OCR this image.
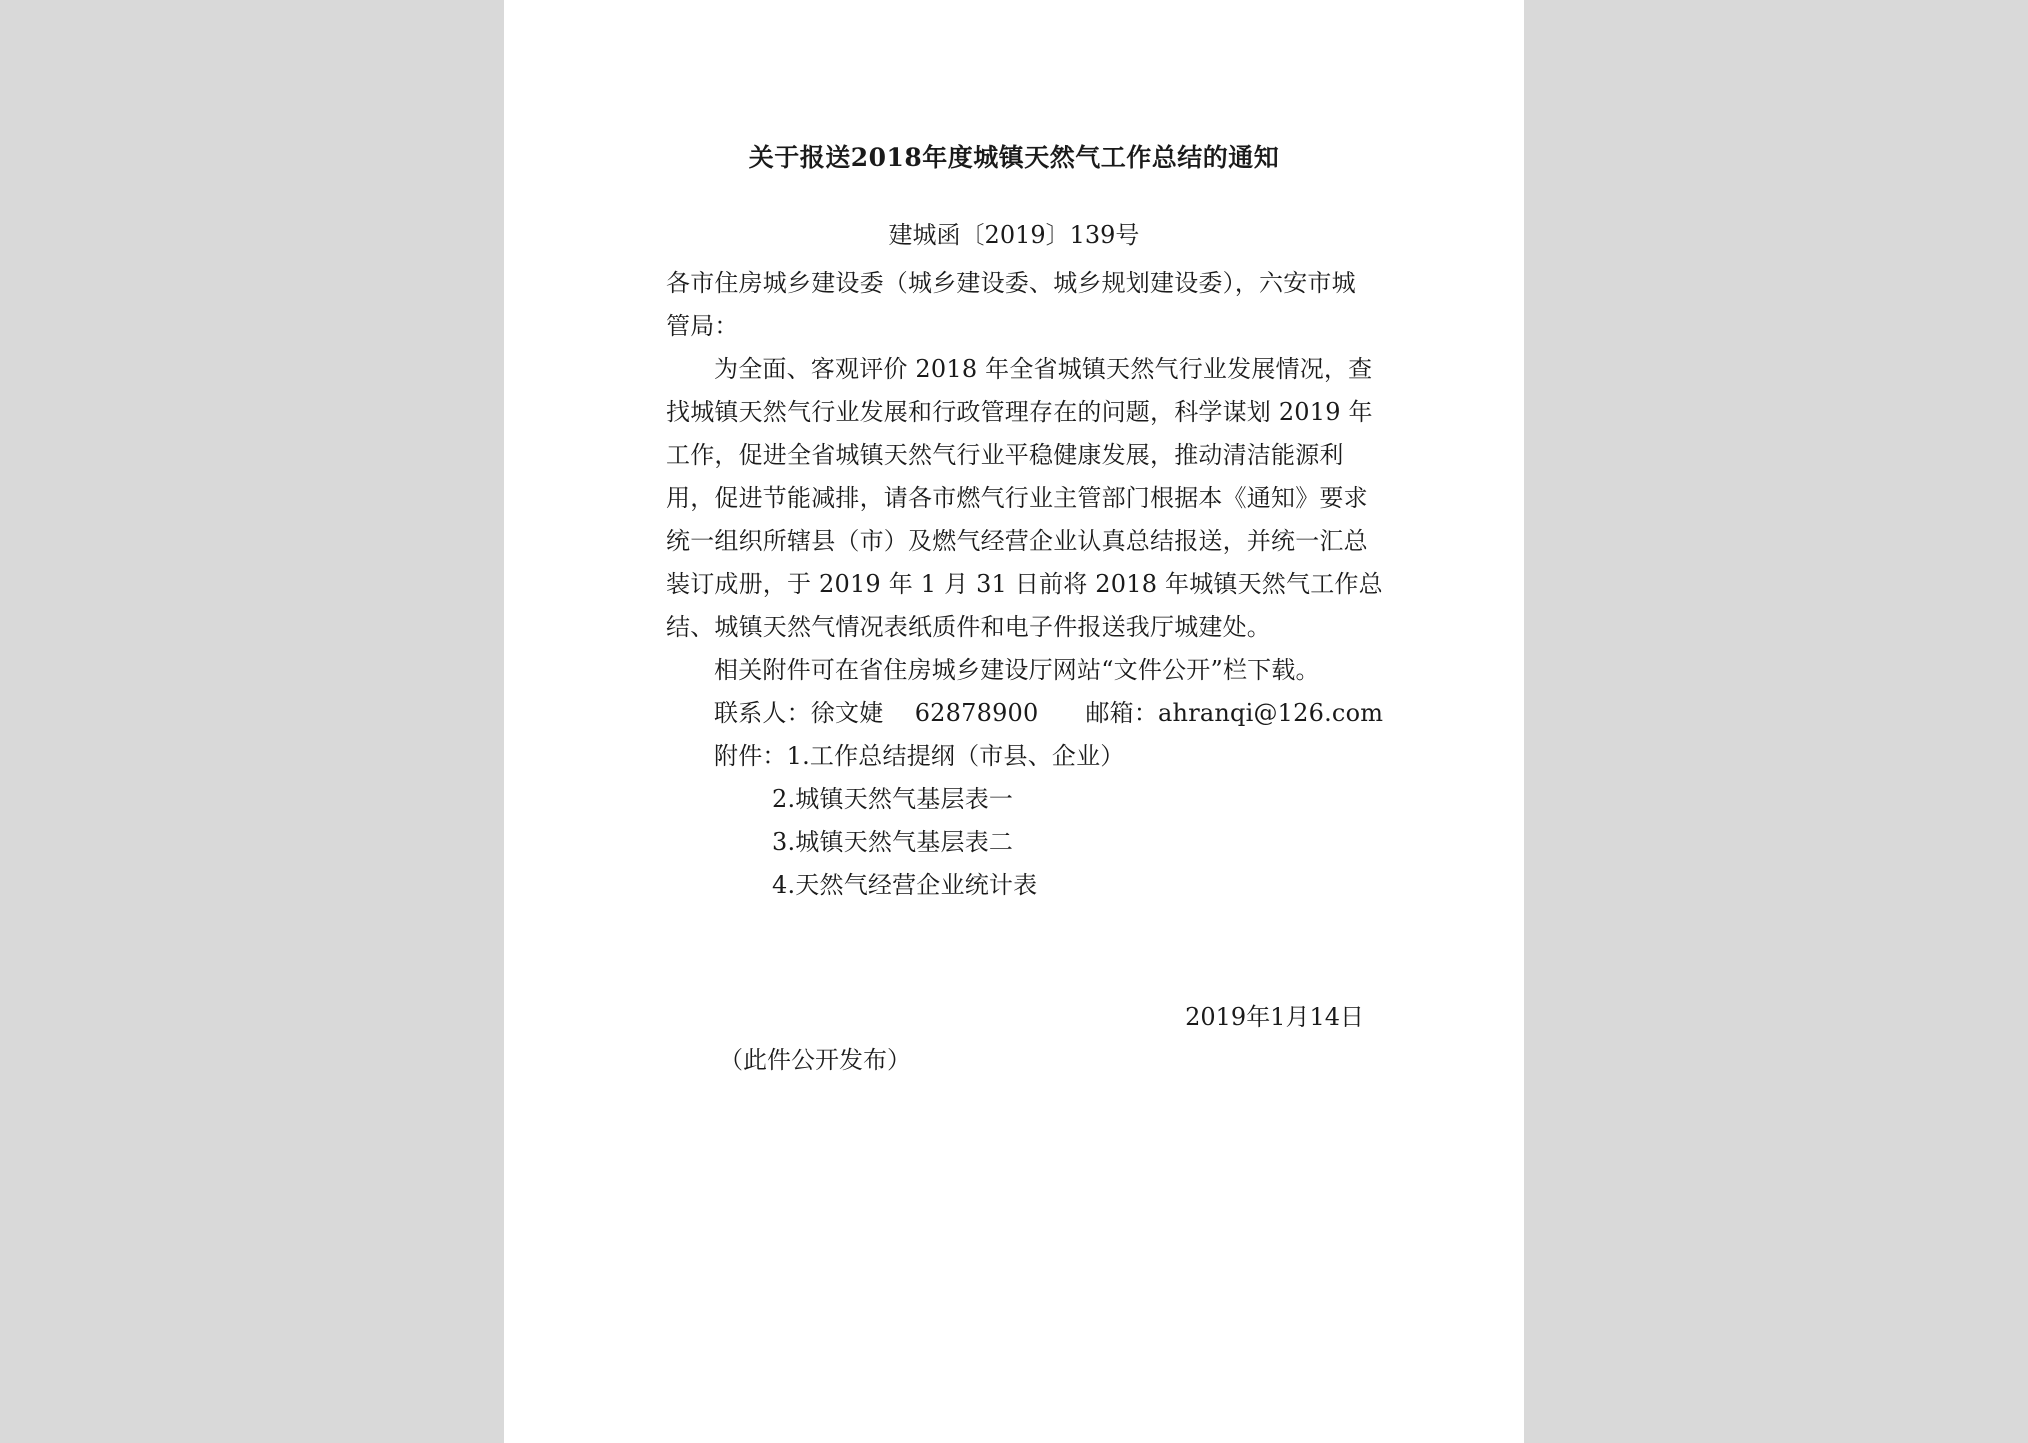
关于报送2018年度城镇天然气工作总结的通知
建城函〔2019〕139号
各市住房城乡建设委（城乡建设委、城乡规划建设委），六安市城
管局：
为全面、客观评价 2018 年全省城镇天然气行业发展情况，查
找城镇天然气行业发展和行政管理存在的问题，科学谋划 2019 年
工作，促进全省城镇天然气行业平稳健康发展，推动清洁能源利
用，促进节能减排，请各市燃气行业主管部门根据本《通知》要求
统一组织所辖县（市）及燃气经营企业认真总结报送，并统一汇总
装订成册，于 2019 年 1 月 31 日前将 2018 年城镇天然气工作总
结、城镇天然气情况表纸质件和电子件报送我厅城建处。
相关附件可在省住房城乡建设厅网站“文件公开”栏下载。
联系人：徐文婕    62878900      邮箱：ahranqi@126.com
附件：1.工作总结提纲（市县、企业）
2.城镇天然气基层表一
3.城镇天然气基层表二
4.天然气经营企业统计表
2019年1月14日
（此件公开发布）
